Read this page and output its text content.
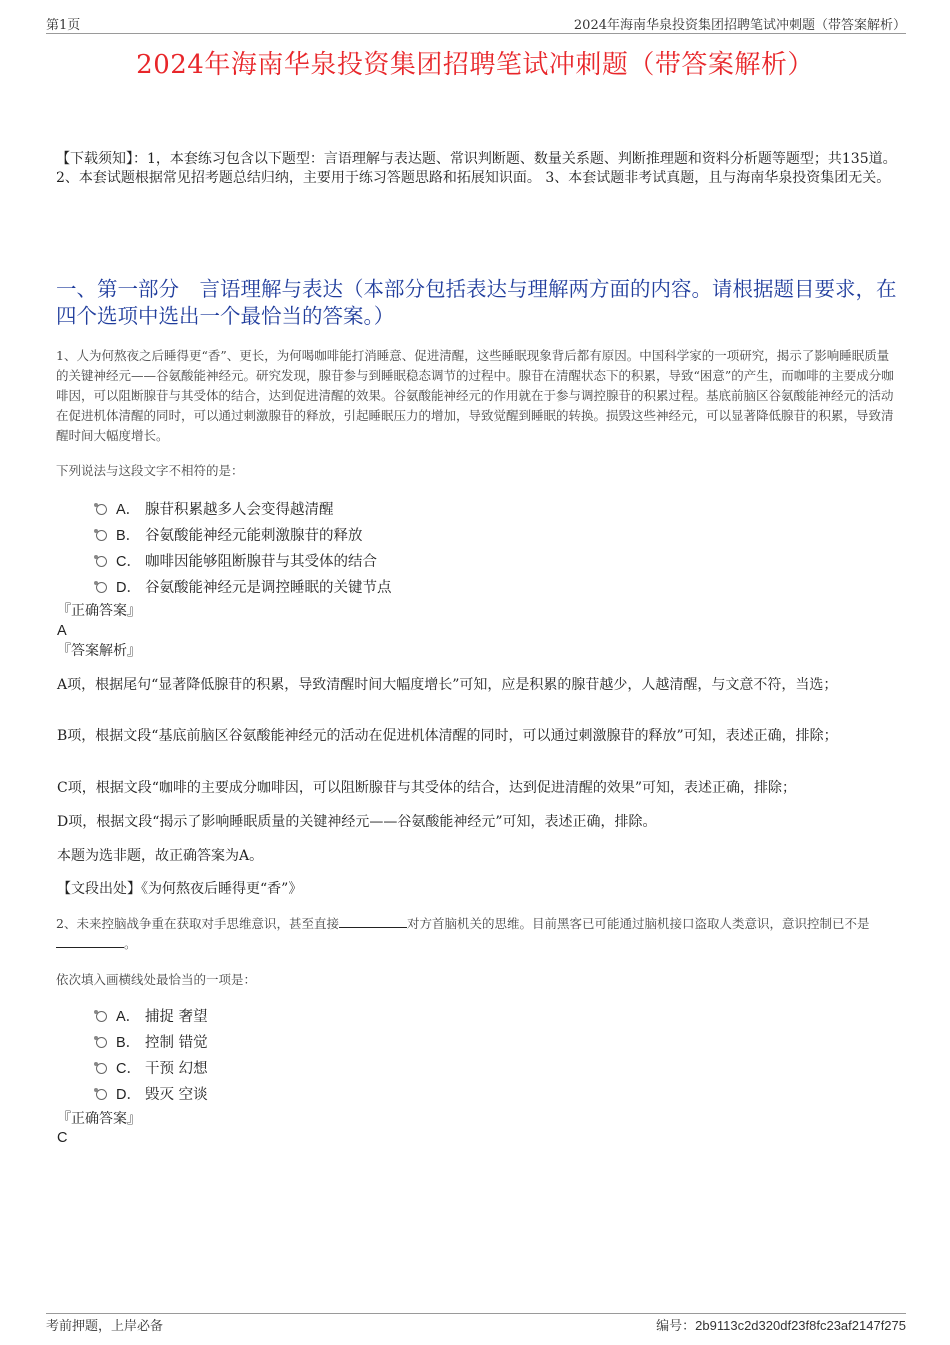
第1页	2024年海南华泉投资集团招聘笔试冲刺题（带答案解析）
2024年海南华泉投资集团招聘笔试冲刺题（带答案解析）
【下载须知】：1，本套练习包含以下题型：言语理解与表达题、常识判断题、数量关系题、判断推理题和资料分析题等题型；共135道。 2、本套试题根据常见招考题总结归纳，主要用于练习答题思路和拓展知识面。 3、本套试题非考试真题，且与海南华泉投资集团无关。
一、第一部分　言语理解与表达（本部分包括表达与理解两方面的内容。请根据题目要求，在四个选项中选出一个最恰当的答案。）
1、人为何熬夜之后睡得更“香”、更长，为何喝咖啡能打消睡意、促进清醒，这些睡眠现象背后都有原因。中国科学家的一项研究，揭示了影响睡眠质量的关键神经元——谷氨酸能神经元。研究发现，腺苷参与到睡眠稳态调节的过程中。腺苷在清醒状态下的积累，导致“困意”的产生，而咖啡的主要成分咖啡因，可以阻断腺苷与其受体的结合，达到促进清醒的效果。谷氨酸能神经元的作用就在于参与调控腺苷的积累过程。基底前脑区谷氨酸能神经元的活动在促进机体清醒的同时，可以通过刺激腺苷的释放，引起睡眠压力的增加，导致觉醒到睡眠的转换。损毁这些神经元，可以显著降低腺苷的积累，导致清醒时间大幅度增长。
下列说法与这段文字不相符的是：
A． 腺苷积累越多人会变得越清醒
B． 谷氨酸能神经元能刺激腺苷的释放
C． 咖啡因能够阻断腺苷与其受体的结合
D． 谷氨酸能神经元是调控睡眠的关键节点
『正确答案』
A
『答案解析』
A项，根据尾句“显著降低腺苷的积累，导致清醒时间大幅度增长”可知，应是积累的腺苷越少，人越清醒，与文意不符，当选；
B项，根据文段“基底前脑区谷氨酸能神经元的活动在促进机体清醒的同时，可以通过刺激腺苷的释放”可知，表述正确，排除；
C项，根据文段“咖啡的主要成分咖啡因，可以阻断腺苷与其受体的结合，达到促进清醒的效果”可知，表述正确，排除；
D项，根据文段“揭示了影响睡眠质量的关键神经元——谷氨酸能神经元”可知，表述正确，排除。
本题为选非题，故正确答案为A。
【文段出处】《为何熬夜后睡得更“香”》
2、未来控脑战争重在获取对手思维意识，甚至直接	对方首脑机关的思维。目前黑客已可能通过脑机接口盗取人类意识，意识控制已不是。
依次填入画横线处最恰当的一项是：
A． 捕捉 奢望
B． 控制 错觉
C． 干预 幻想
D． 毁灭 空谈
『正确答案』
C
考前押题，上岸必备	编号：2b9113c2d320df23f8fc23af2147f275
